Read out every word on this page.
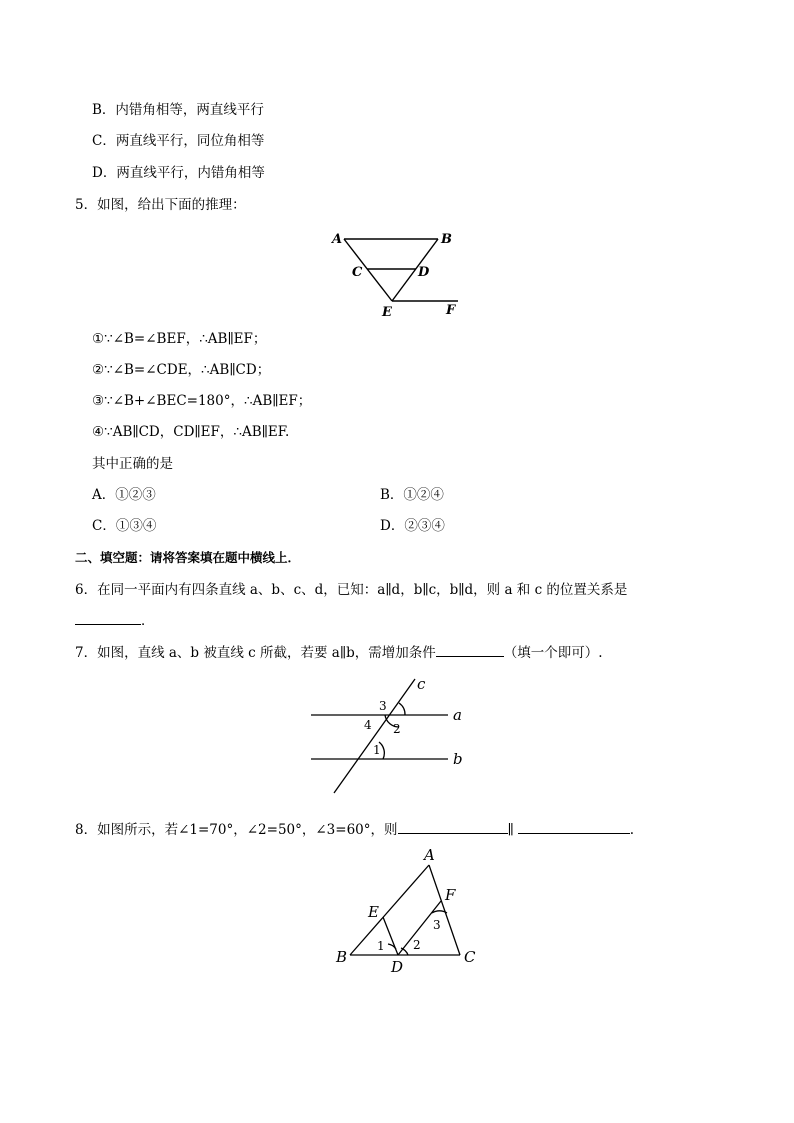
B．内错角相等，两直线平行
C．两直线平行，同位角相等
D．两直线平行，内错角相等
5．如图，给出下面的推理：
A	B
C	D
E	F
①∵∠B=∠BEF，∴AB∥EF；
②∵∠B=∠CDE，∴AB∥CD；
③∵∠B+∠BEC=180°，∴AB∥EF；
④∵AB∥CD，CD∥EF，∴AB∥EF.
其中正确的是
A．①②③	B．①②④
C．①③④	D．②③④
二、填空题：请将答案填在题中横线上．
6．在同一平面内有四条直线 a、b、c、d，已知：a∥d，b∥c，b∥d，则 a 和 c 的位置关系是
．
7．如图，直线 a、b 被直线 c 所截，若要 a∥b，需增加条件	（填一个即可）.
c
a
b
3
2
4
1
8．如图所示，若∠1=70°，∠2=50°，∠3=60°，则	∥	.
A
E
F
B
D
C
1 2
3
